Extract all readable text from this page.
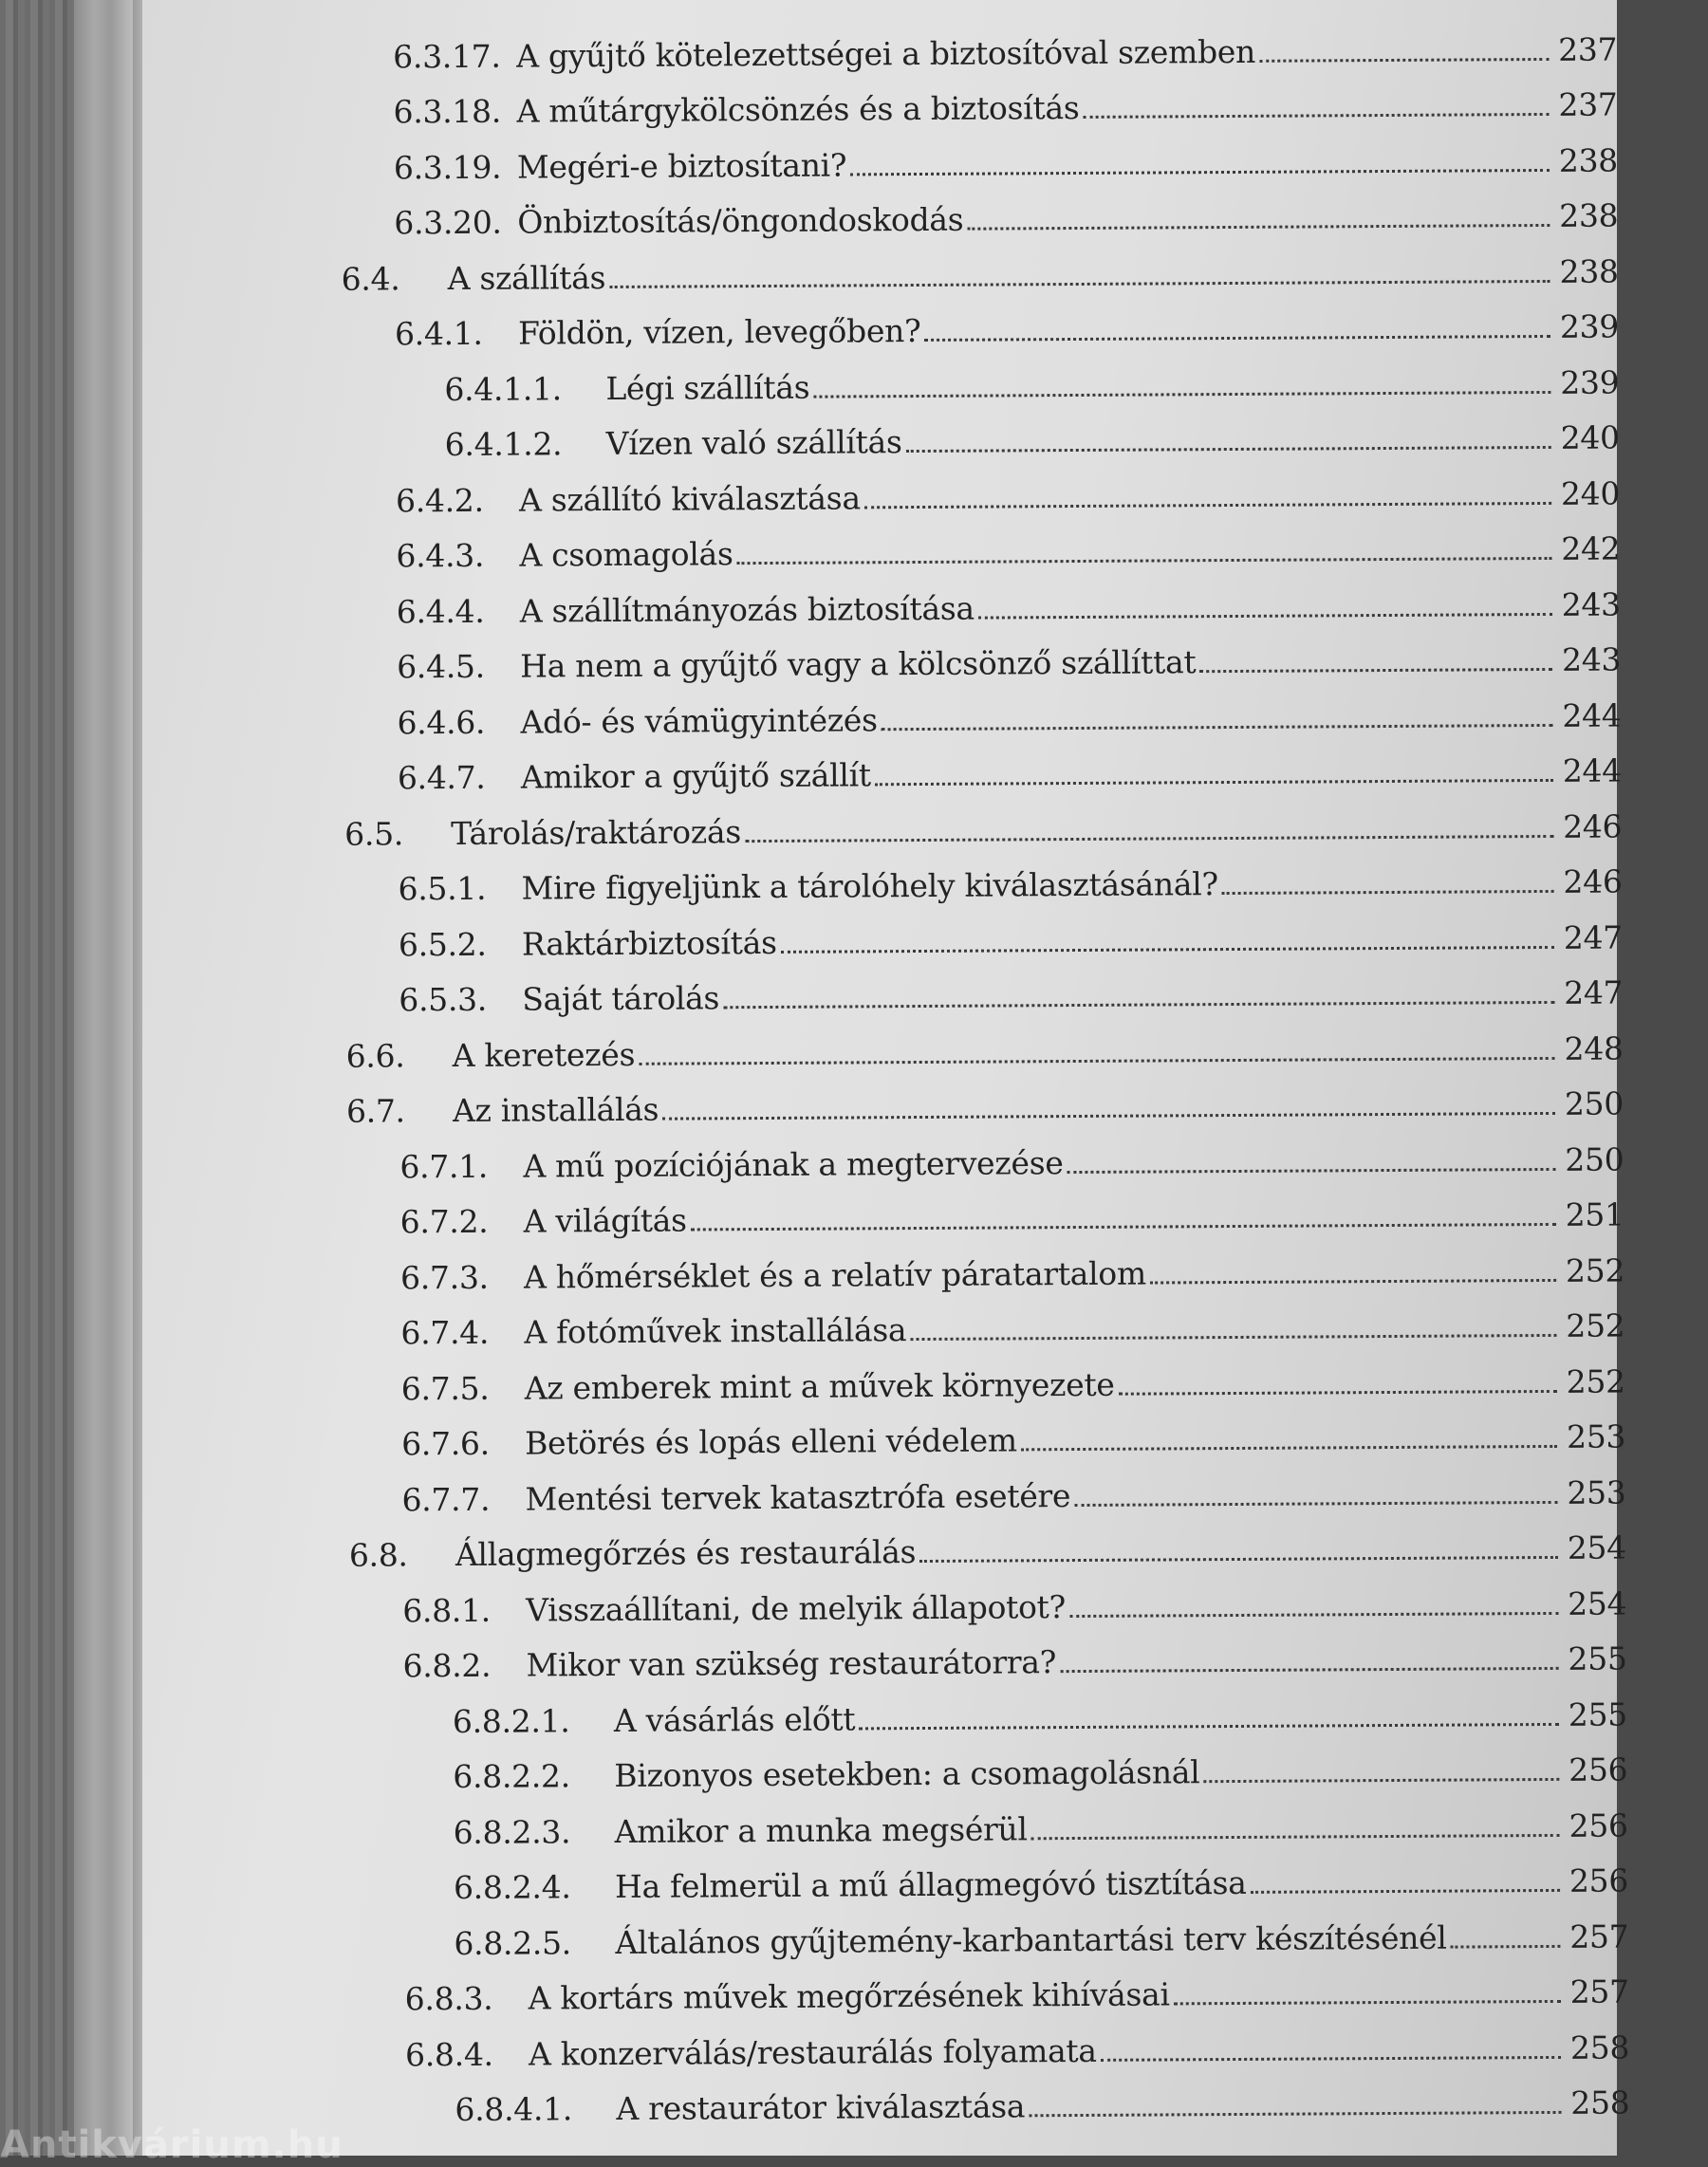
6.3.17. A gyűjtő kötelezettségei a biztosítóval szemben	237
6.3.18. A műtárgykölcsönzés és a biztosítás	237
6.3.19. Megéri-e biztosítani?	238
6.3.20. Önbiztosítás/öngondoskodás	238
6.4.	A szállítás	238
6.4.1.	Földön, vízen, levegőben?	239
6.4.1.1.	Légi szállítás	239
6.4.1.2.	Vízen való szállítás	240
6.4.2.	A szállító kiválasztása	240
6.4.3.	A csomagolás	242
6.4.4.	A szállítmányozás biztosítása	243
6.4.5.	Ha nem a gyűjtő vagy a kölcsönző szállíttat	243
6.4.6.	Adó- és vámügyintézés	244
6.4.7.	Amikor a gyűjtő szállít	244
6.5.	Tárolás/raktározás	246
6.5.1.	Mire figyeljünk a tárolóhely kiválasztásánál?	246
6.5.2.	Raktárbiztosítás	247
6.5.3.	Saját tárolás	247
6.6.	A keretezés	248
6.7.	Az installálás	250
6.7.1.	A mű pozíciójának a megtervezése	250
6.7.2.	A világítás	251
6.7.3.	A hőmérséklet és a relatív páratartalom	252
6.7.4.	A fotóművek installálása	252
6.7.5.	Az emberek mint a művek környezete	252
6.7.6.	Betörés és lopás elleni védelem	253
6.7.7.	Mentési tervek katasztrófa esetére	253
6.8.	Állagmegőrzés és restaurálás	254
6.8.1.	Visszaállítani, de melyik állapotot?	254
6.8.2.	Mikor van szükség restaurátorra?	255
6.8.2.1.	A vásárlás előtt	255
6.8.2.2.	Bizonyos esetekben: a csomagolásnál	256
6.8.2.3.	Amikor a munka megsérül	256
6.8.2.4.	Ha felmerül a mű állagmegóvó tisztítása	256
6.8.2.5.	Általános gyűjtemény-karbantartási terv készítésénél	257
6.8.3.	A kortárs művek megőrzésének kihívásai	257
6.8.4.	A konzerválás/restaurálás folyamata	258
6.8.4.1.	A restaurátor kiválasztása	258
Antikvárium.hu
